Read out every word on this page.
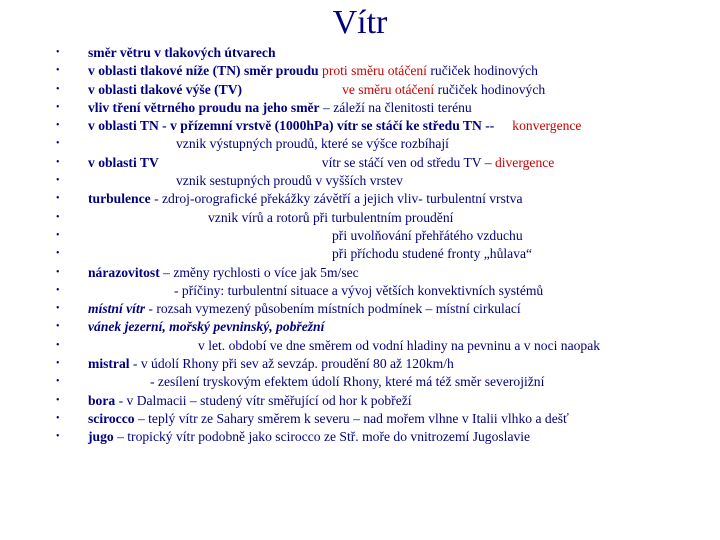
Vítr
• směr větru v tlakových útvarech
• v oblasti tlakové níže (TN) směr proudu proti směru otáčení ručiček hodinových
• v oblasti tlakové výše (TV)	ve směru otáčení ručiček hodinových
• vliv tření větrného proudu na jeho směr – záleží na členitosti terénu
• v oblasti TN - v přízemní vrstvě (1000hPa) vítr se stáčí ke středu TN -- konvergence
•	vznik výstupných proudů, které se výšce rozbíhají
• v oblasti TV	vítr se stáčí ven od středu TV – divergence
•	vznik sestupných proudů v vyšších vrstev
• turbulence - zdroj-orografické překážky závětří a jejich vliv- turbulentní vrstva
•	vznik vírů a rotorů při turbulentním proudění
•	při uvolňování přehřátého vzduchu
•	při příchodu studené fronty „hůlava“
• nárazovitost – změny rychlosti o více jak 5m/sec
•	- příčiny: turbulentní situace a vývoj větších konvektivních systémů
• místní vítr - rozsah vymezený působením místních podmínek – místní cirkulací
• vánek jezerní, mořský pevninský, pobřežní
•	v let. období ve dne směrem od vodní hladiny na pevninu a v noci naopak
• mistral - v údolí Rhony při sev až sevzáp. proudění 80 až 120km/h
•	- zesílení tryskovým efektem údolí Rhony, které má též směr severojižní
• bora - v Dalmacii – studený vítr směřující od hor k pobřeží
• scirocco – teplý vítr ze Sahary směrem k severu – nad mořem vlhne v Italii vlhko a dešť
• jugo – tropický vítr podobně jako scirocco ze Stř. moře do vnitrozemí Jugoslavie
